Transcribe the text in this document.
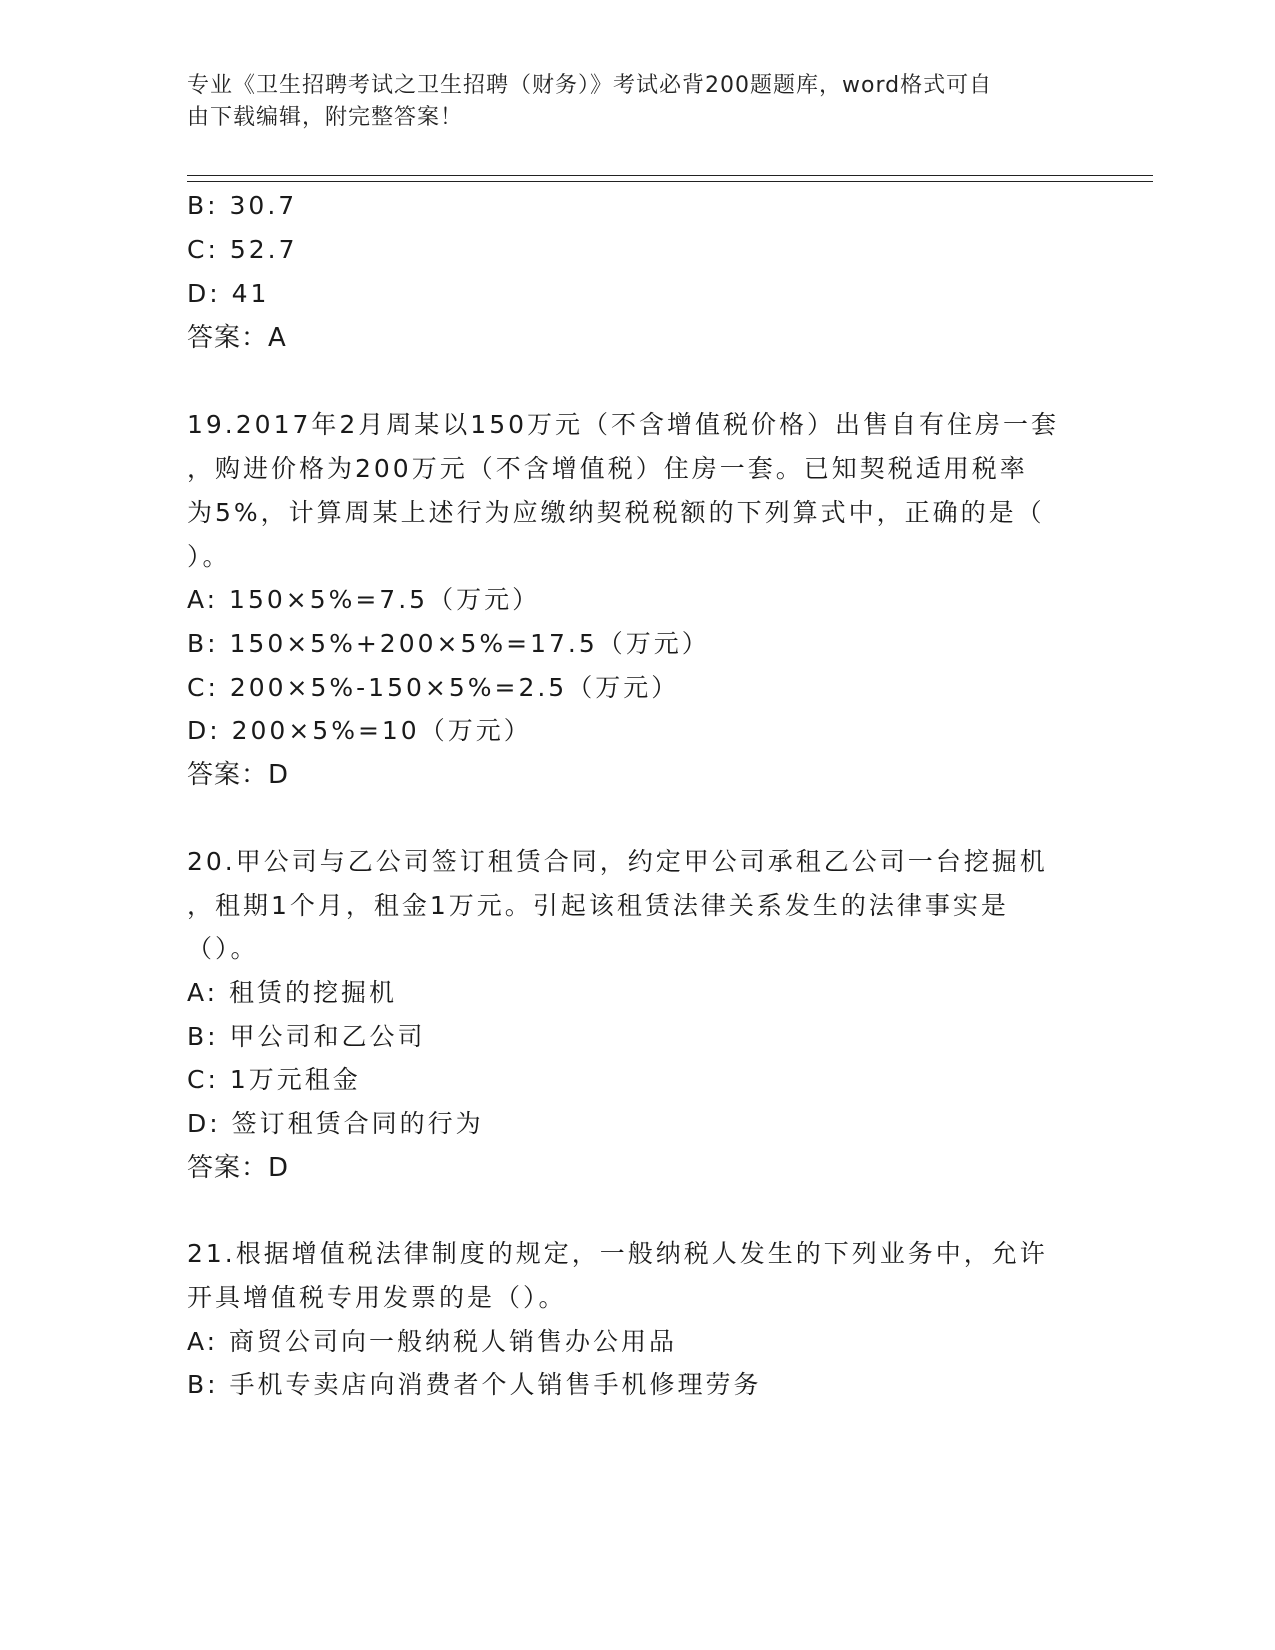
专业《卫生招聘考试之卫生招聘（财务）》考试必背200题题库，word格式可自
由下载编辑，附完整答案！
B: 30.7
C: 52.7
D: 41
答案：A
19.2017年2月周某以150万元（不含增值税价格）出售自有住房一套
，购进价格为200万元（不含增值税）住房一套。已知契税适用税率
为5%，计算周某上述行为应缴纳契税税额的下列算式中，正确的是（
）。
A: 150×5%=7.5（万元）
B: 150×5%+200×5%=17.5（万元）
C: 200×5%-150×5%=2.5（万元）
D: 200×5%=10（万元）
答案：D
20.甲公司与乙公司签订租赁合同，约定甲公司承租乙公司一台挖掘机
，租期1个月，租金1万元。引起该租赁法律关系发生的法律事实是
（）。
A: 租赁的挖掘机
B: 甲公司和乙公司
C: 1万元租金
D: 签订租赁合同的行为
答案：D
21.根据增值税法律制度的规定，一般纳税人发生的下列业务中，允许
开具增值税专用发票的是（）。
A: 商贸公司向一般纳税人销售办公用品
B: 手机专卖店向消费者个人销售手机修理劳务
